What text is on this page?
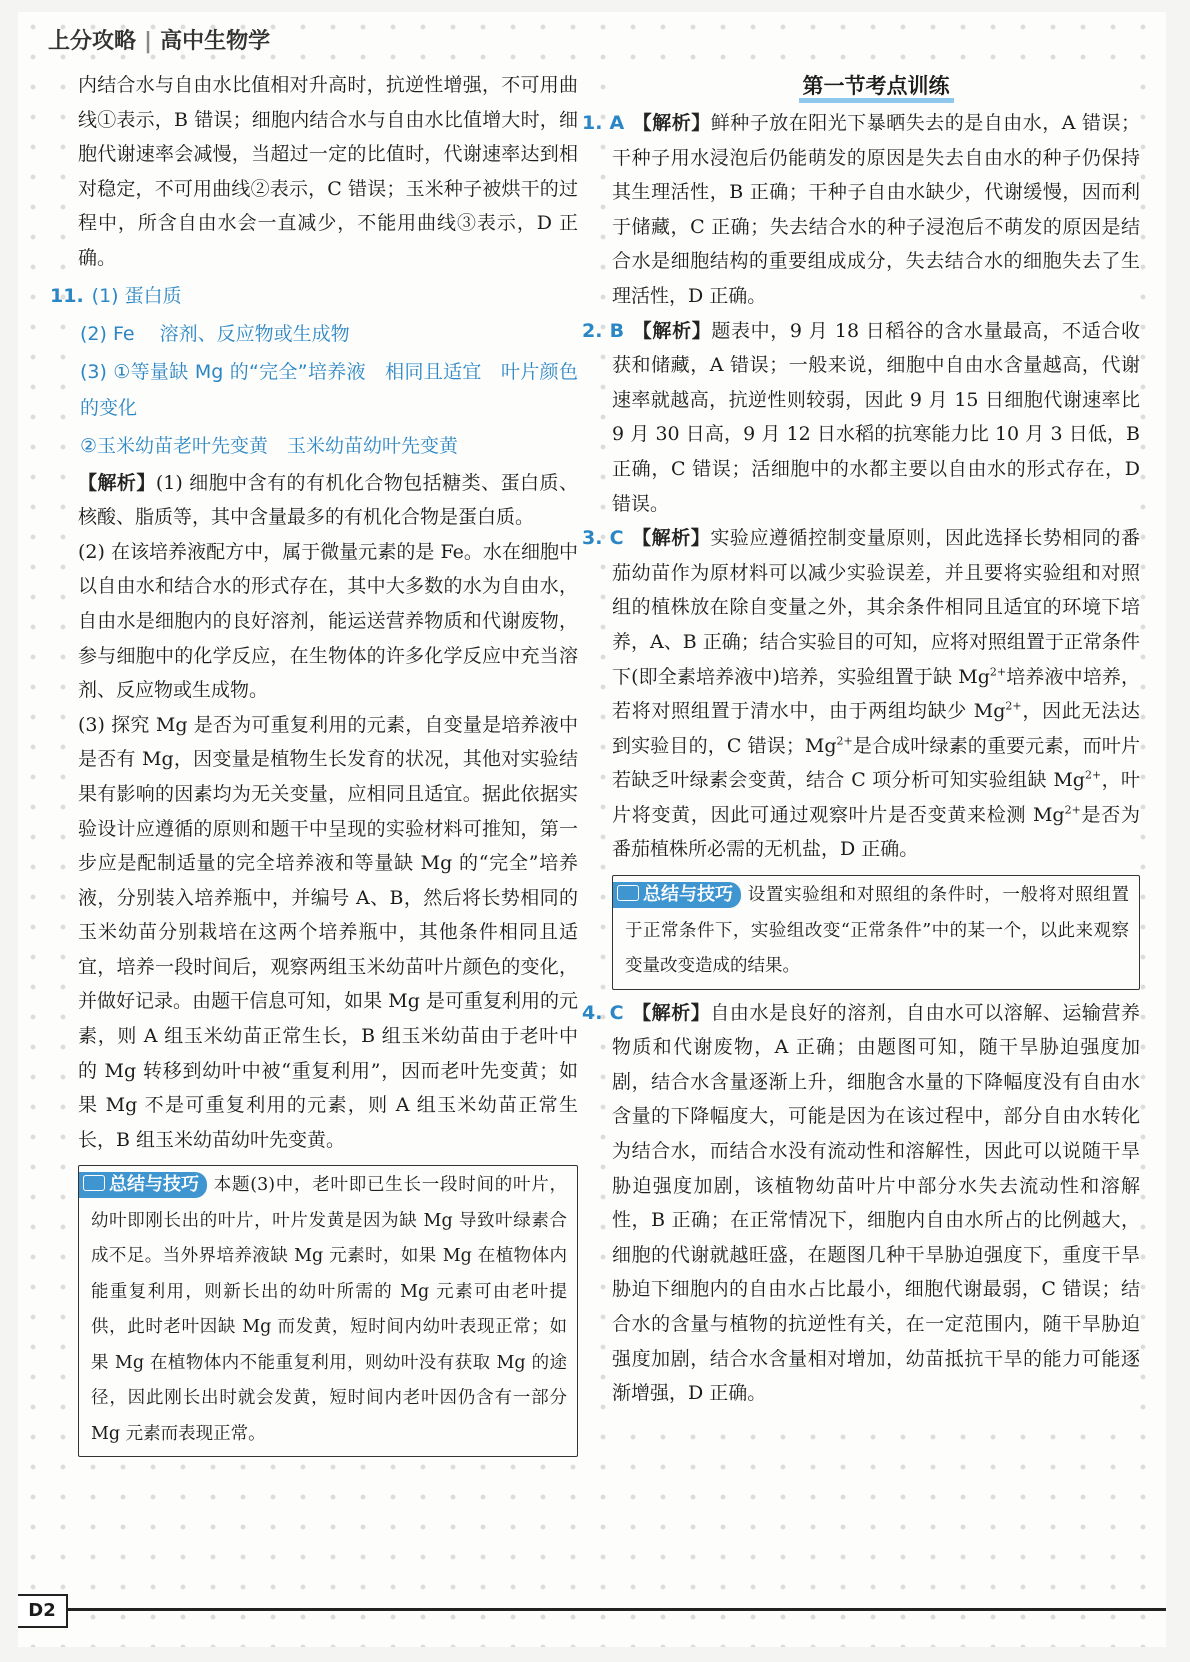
上分攻略 | 高中生物学

内结合水与自由水比值相对升高时，抗逆性增强，不可用曲线①表示，B 错误；细胞内结合水与自由水比值增大时，细胞代谢速率会减慢，当超过一定的比值时，代谢速率达到相对稳定，不可用曲线②表示，C 错误；玉米种子被烘干的过程中，所含自由水会一直减少，不能用曲线③表示，D 正确。

11. (1) 蛋白质
(2) Fe　 溶剂、反应物或生成物
(3) ①等量缺 Mg 的“完全”培养液　相同且适宜　叶片颜色的变化
②玉米幼苗老叶先变黄　玉米幼苗幼叶先变黄

【解析】(1) 细胞中含有的有机化合物包括糖类、蛋白质、核酸、脂质等，其中含量最多的有机化合物是蛋白质。

(2) 在该培养液配方中，属于微量元素的是 Fe。水在细胞中以自由水和结合水的形式存在，其中大多数的水为自由水，自由水是细胞内的良好溶剂，能运送营养物质和代谢废物，参与细胞中的化学反应，在生物体的许多化学反应中充当溶剂、反应物或生成物。

(3) 探究 Mg 是否为可重复利用的元素，自变量是培养液中是否有 Mg，因变量是植物生长发育的状况，其他对实验结果有影响的因素均为无关变量，应相同且适宜。据此依据实验设计应遵循的原则和题干中呈现的实验材料可推知，第一步应是配制适量的完全培养液和等量缺 Mg 的“完全”培养液，分别装入培养瓶中，并编号 A、B，然后将长势相同的玉米幼苗分别栽培在这两个培养瓶中，其他条件相同且适宜，培养一段时间后，观察两组玉米幼苗叶片颜色的变化，并做好记录。由题干信息可知，如果 Mg 是可重复利用的元素，则 A 组玉米幼苗正常生长，B 组玉米幼苗由于老叶中的 Mg 转移到幼叶中被“重复利用”，因而老叶先变黄；如果 Mg 不是可重复利用的元素，则 A 组玉米幼苗正常生长，B 组玉米幼苗幼叶先变黄。

总结与技巧 本题(3)中，老叶即已生长一段时间的叶片，幼叶即刚长出的叶片，叶片发黄是因为缺 Mg 导致叶绿素合成不足。当外界培养液缺 Mg 元素时，如果 Mg 在植物体内能重复利用，则新长出的幼叶所需的 Mg 元素可由老叶提供，此时老叶因缺 Mg 而发黄，短时间内幼叶表现正常；如果 Mg 在植物体内不能重复利用，则幼叶没有获取 Mg 的途径，因此刚长出时就会发黄，短时间内老叶因仍含有一部分 Mg 元素而表现正常。
第一节考点训练

1. A 【解析】鲜种子放在阳光下暴晒失去的是自由水，A 错误；干种子用水浸泡后仍能萌发的原因是失去自由水的种子仍保持其生理活性，B 正确；干种子自由水缺少，代谢缓慢，因而利于储藏，C 正确；失去结合水的种子浸泡后不萌发的原因是结合水是细胞结构的重要组成成分，失去结合水的细胞失去了生理活性，D 正确。

2. B 【解析】题表中，9 月 18 日稻谷的含水量最高，不适合收获和储藏，A 错误；一般来说，细胞中自由水含量越高，代谢速率就越高，抗逆性则较弱，因此 9 月 15 日细胞代谢速率比 9 月 30 日高，9 月 12 日水稻的抗寒能力比 10 月 3 日低，B 正确，C 错误；活细胞中的水都主要以自由水的形式存在，D 错误。

3. C 【解析】实验应遵循控制变量原则，因此选择长势相同的番茄幼苗作为原材料可以减少实验误差，并且要将实验组和对照组的植株放在除自变量之外，其余条件相同且适宜的环境下培养，A、B 正确；结合实验目的可知，应将对照组置于正常条件下(即全素培养液中)培养，实验组置于缺 $Mg^{2+}$培养液中培养，若将对照组置于清水中，由于两组均缺少 $Mg^{2+}$，因此无法达到实验目的，C 错误；$Mg^{2+}$是合成叶绿素的重要元素，而叶片若缺乏叶绿素会变黄，结合 C 项分析可知实验组缺 $Mg^{2+}$，叶片将变黄，因此可通过观察叶片是否变黄来检测 $Mg^{2+}$是否为番茄植株所必需的无机盐，D 正确。

总结与技巧 设置实验组和对照组的条件时，一般将对照组置于正常条件下，实验组改变“正常条件”中的某一个，以此来观察变量改变造成的结果。

4. C 【解析】自由水是良好的溶剂，自由水可以溶解、运输营养物质和代谢废物，A 正确；由题图可知，随干旱胁迫强度加剧，结合水含量逐渐上升，细胞含水量的下降幅度没有自由水含量的下降幅度大，可能是因为在该过程中，部分自由水转化为结合水，而结合水没有流动性和溶解性，因此可以说随干旱胁迫强度加剧，该植物幼苗叶片中部分水失去流动性和溶解性，B 正确；在正常情况下，细胞内自由水所占的比例越大，细胞的代谢就越旺盛，在题图几种干旱胁迫强度下，重度干旱胁迫下细胞内的自由水占比最小，细胞代谢最弱，C 错误；结合水的含量与植物的抗逆性有关，在一定范围内，随干旱胁迫强度加剧，结合水含量相对增加，幼苗抵抗干旱的能力可能逐渐增强，D 正确。

D2
